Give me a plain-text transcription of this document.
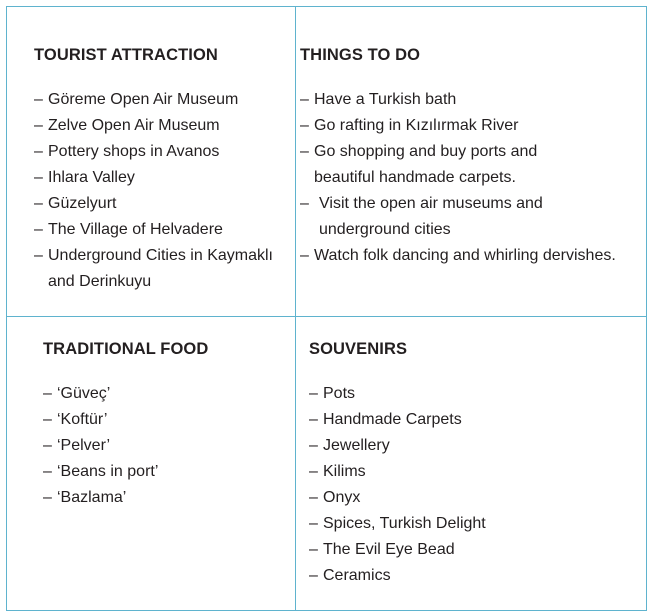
TOURIST ATTRACTION
– Göreme Open Air Museum
– Zelve Open Air Museum
– Pottery shops in Avanos
– Ihlara Valley
– Güzelyurt
– The Village of Helvadere
– Underground Cities in Kaymaklı and Derinkuyu
THINGS TO DO
– Have a Turkish bath
– Go rafting in Kızılırmak River
– Go shopping and buy ports and beautiful handmade carpets.
– Visit the open air museums and underground cities
– Watch folk dancing and whirling dervishes.
TRADITIONAL FOOD
– ‘Güveç’
– ‘Koftür’
– ‘Pelver’
– ‘Beans in port’
– ‘Bazlama’
SOUVENIRS
– Pots
– Handmade Carpets
– Jewellery
– Kilims
– Onyx
– Spices, Turkish Delight
– The Evil Eye Bead
– Ceramics
